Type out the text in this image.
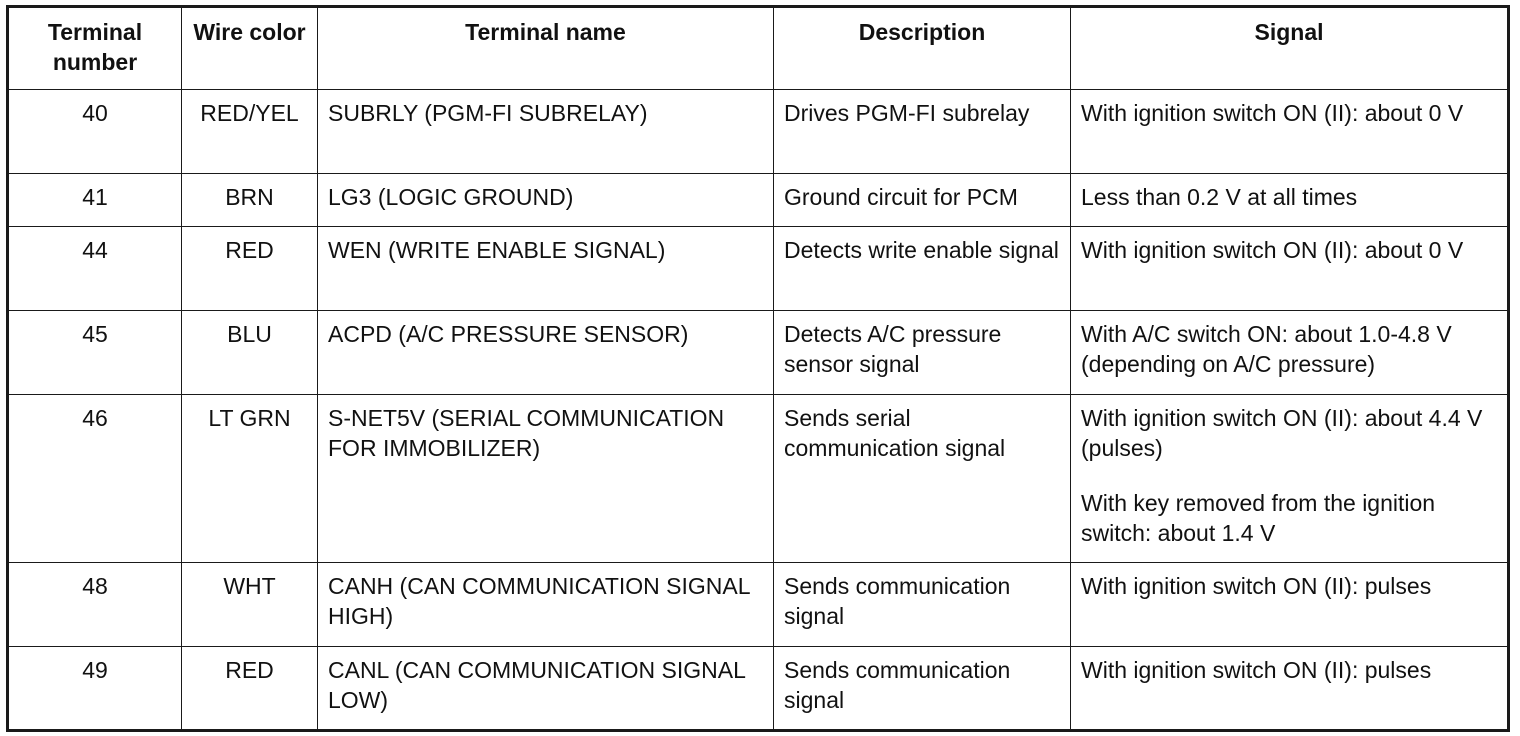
Terminal number	Wire color	Terminal name	Description	Signal
40	RED/YEL	SUBRLY (PGM-FI SUBRELAY)	Drives PGM-FI subrelay	With ignition switch ON (II): about 0 V

41	BRN	LG3 (LOGIC GROUND)	Ground circuit for PCM	Less than 0.2 V at all times

44	RED	WEN (WRITE ENABLE SIGNAL)	Detects write enable signal	With ignition switch ON (II): about 0 V

45	BLU	ACPD (A/C PRESSURE SENSOR)	Detects A/C pressure sensor signal	With A/C switch ON: about 1.0-4.8 V (depending on A/C pressure)

46	LT GRN	S-NET5V (SERIAL COMMUNICATION FOR IMMOBILIZER)	Sends serial communication signal	With ignition switch ON (II): about 4.4 V (pulses)
With key removed from the ignition switch: about 1.4 V

48	WHT	CANH (CAN COMMUNICATION SIGNAL HIGH)	Sends communication signal	With ignition switch ON (II): pulses

49	RED	CANL (CAN COMMUNICATION SIGNAL LOW)	Sends communication signal	With ignition switch ON (II): pulses
